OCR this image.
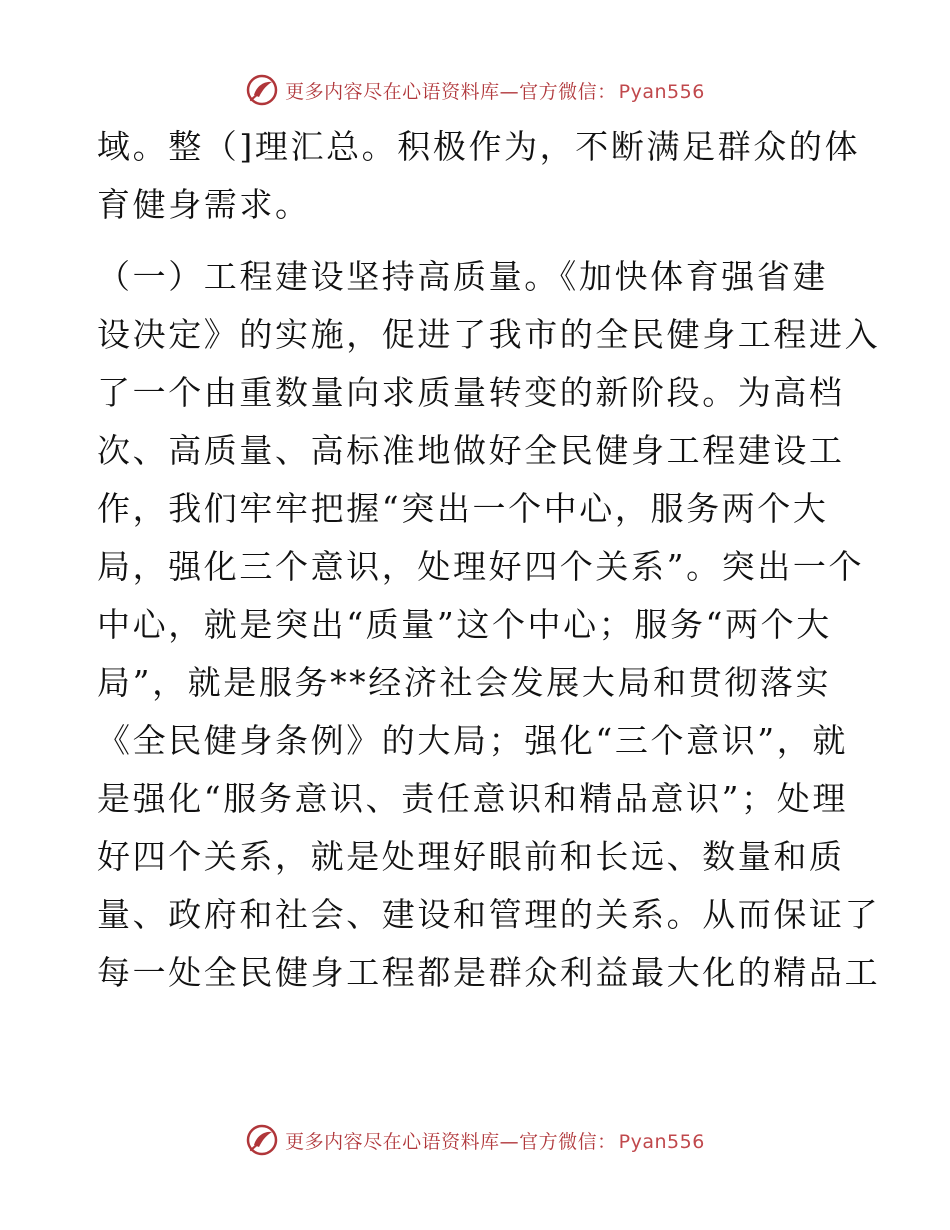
更多内容尽在心语资料库—官方微信： Pyan556
域。整（]理汇总。积极作为，不断满足群众的体
育健身需求。
（一）工程建设坚持高质量。《加快体育强省建
设决定》的实施，促进了我市的全民健身工程进入
了一个由重数量向求质量转变的新阶段。为高档
次、高质量、高标准地做好全民健身工程建设工
作，我们牢牢把握“突出一个中心，服务两个大
局，强化三个意识，处理好四个关系”。突出一个
中心，就是突出“质量”这个中心；服务“两个大
局”，就是服务**经济社会发展大局和贯彻落实
《全民健身条例》的大局；强化“三个意识”，就
是强化“服务意识、责任意识和精品意识”；处理
好四个关系，就是处理好眼前和长远、数量和质
量、政府和社会、建设和管理的关系。从而保证了
每一处全民健身工程都是群众利益最大化的精品工
更多内容尽在心语资料库—官方微信： Pyan556
